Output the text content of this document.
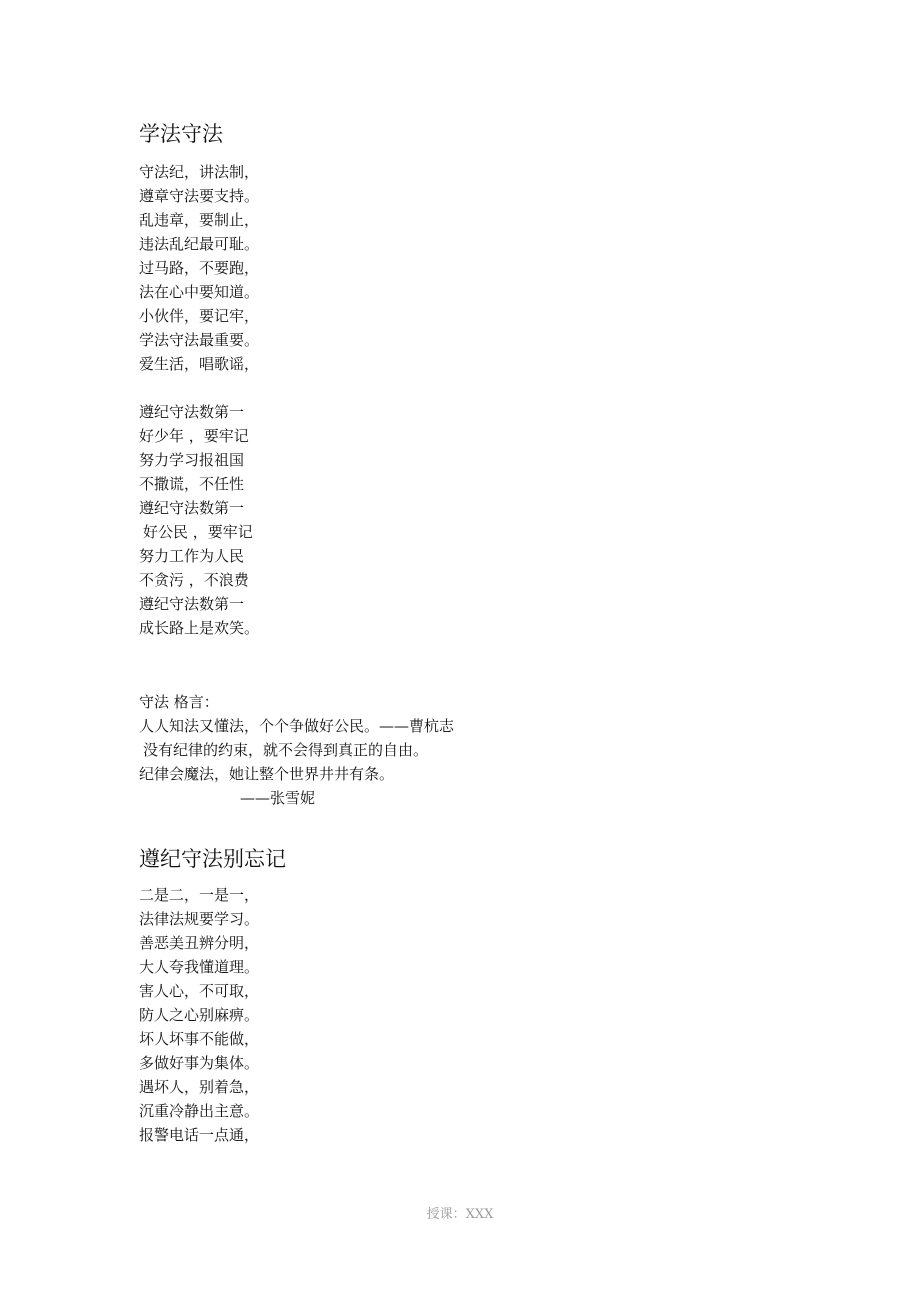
学法守法
守法纪，讲法制，
遵章守法要支持。
乱违章，要制止，
违法乱纪最可耻。
过马路，不要跑，
法在心中要知道。
小伙伴，要记牢，
学法守法最重要。
爱生活，唱歌谣，
遵纪守法数第一
好少年 ，要牢记
努力学习报祖国
不撒谎，不任性
遵纪守法数第一
好公民 ，要牢记
努力工作为人民
不贪污 ，不浪费
遵纪守法数第一
成长路上是欢笑。
守法 格言：
人人知法又懂法，个个争做好公民。——曹杭志
没有纪律的约束，就不会得到真正的自由。
纪律会魔法，她让整个世界井井有条。
——张雪妮
遵纪守法别忘记
二是二，一是一，
法律法规要学习。
善恶美丑辨分明，
大人夸我懂道理。
害人心，不可取，
防人之心别麻痹。
坏人坏事不能做，
多做好事为集体。
遇坏人，别着急，
沉重冷静出主意。
报警电话一点通，
授课：XXX
